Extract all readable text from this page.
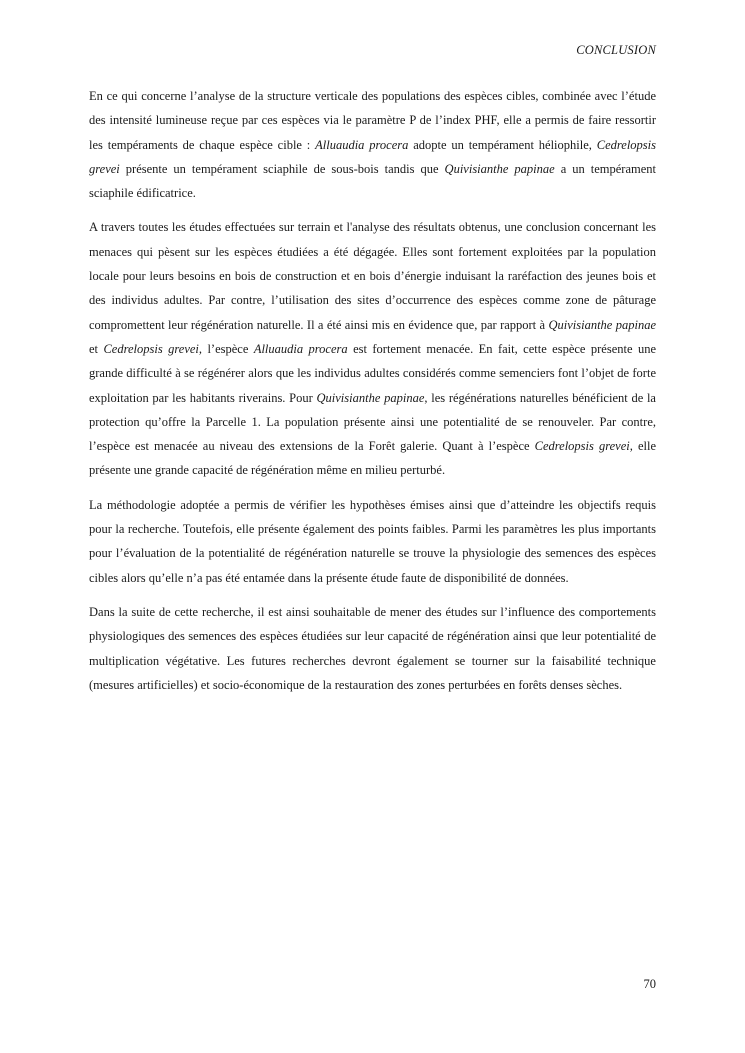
CONCLUSION

En ce qui concerne l’analyse de la structure verticale des populations des espèces cibles, combinée avec l’étude des intensité lumineuse reçue par ces espèces via le paramètre P de l’index PHF, elle a permis de faire ressortir les tempéraments de chaque espèce cible : Alluaudia procera adopte un tempérament héliophile, Cedrelopsis grevei présente un tempérament sciaphile de sous-bois tandis que Quivisianthe papinae a un tempérament sciaphile édificatrice.

A travers toutes les études effectuées sur terrain et l'analyse des résultats obtenus, une conclusion concernant les menaces qui pèsent sur les espèces étudiées a été dégagée. Elles sont fortement exploitées par la population locale pour leurs besoins en bois de construction et en bois d’énergie induisant la raréfaction des jeunes bois et des individus adultes. Par contre, l’utilisation des sites d’occurrence des espèces comme zone de pâturage compromettent leur régénération naturelle. Il a été ainsi mis en évidence que, par rapport à Quivisianthe papinae et Cedrelopsis grevei, l’espèce Alluaudia procera est fortement menacée. En fait, cette espèce présente une grande difficulté à se régénérer alors que les individus adultes considérés comme semenciers font l’objet de forte exploitation par les habitants riverains. Pour Quivisianthe papinae, les régénérations naturelles bénéficient de la protection qu’offre la Parcelle 1. La population présente ainsi une potentialité de se renouveler. Par contre, l’espèce est menacée au niveau des extensions de la Forêt galerie. Quant à l’espèce Cedrelopsis grevei, elle présente une grande capacité de régénération même en milieu perturbé.

La méthodologie adoptée a permis de vérifier les hypothèses émises ainsi que d’atteindre les objectifs requis pour la recherche. Toutefois, elle présente également des points faibles. Parmi les paramètres les plus importants pour l’évaluation de la potentialité de régénération naturelle se trouve la physiologie des semences des espèces cibles alors qu’elle n’a pas été entamée dans la présente étude faute de disponibilité de données.

Dans la suite de cette recherche, il est ainsi souhaitable de mener des études sur l’influence des comportements physiologiques des semences des espèces étudiées sur leur capacité de régénération ainsi que leur potentialité de multiplication végétative. Les futures recherches devront également se tourner sur la faisabilité technique (mesures artificielles) et socio-économique de la restauration des zones perturbées en forêts denses sèches.

70
